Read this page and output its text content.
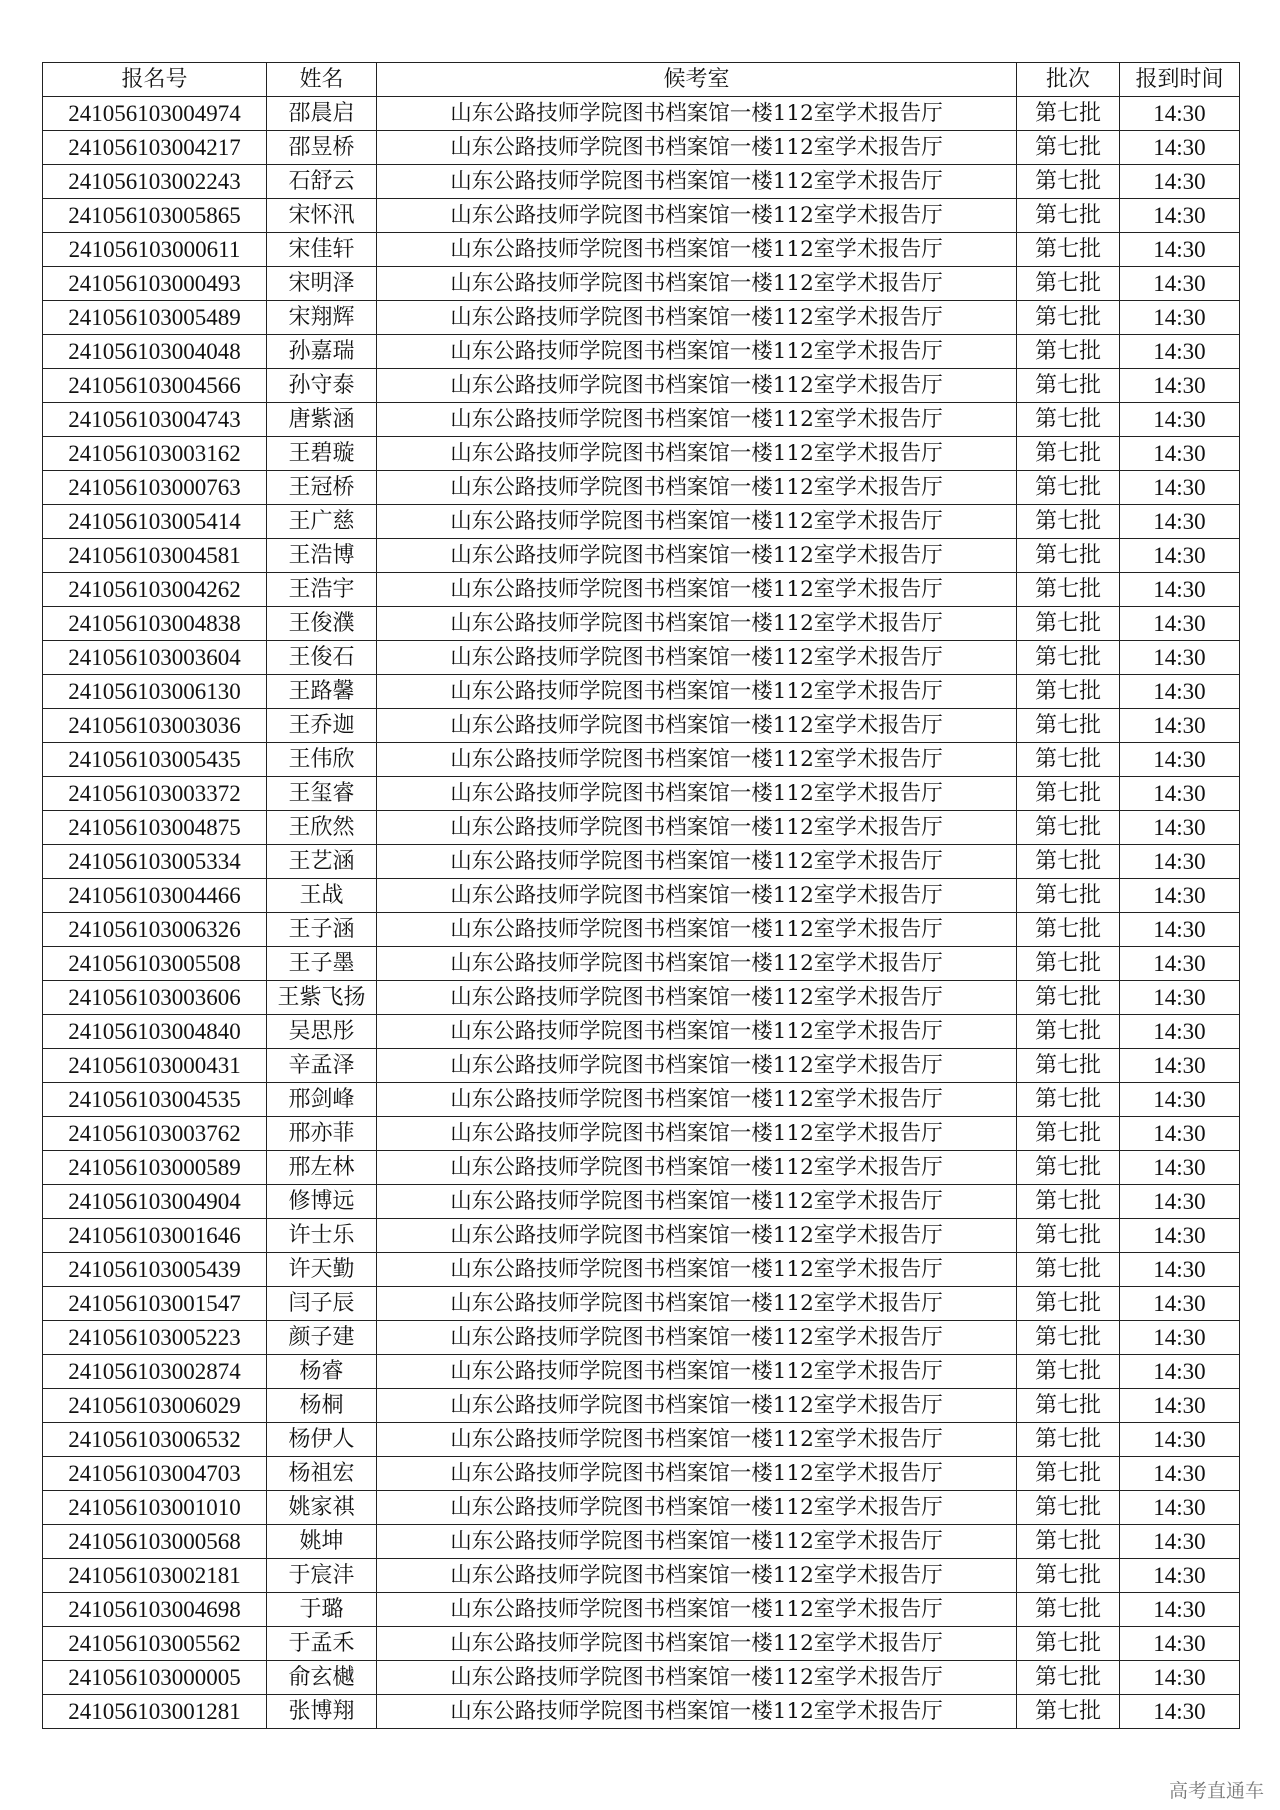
报名号	姓名	候考室	批次	报到时间
241056103004974	邵晨启	山东公路技师学院图书档案馆一楼112室学术报告厅	第七批	14:30
241056103004217	邵昱桥	山东公路技师学院图书档案馆一楼112室学术报告厅	第七批	14:30
241056103002243	石舒云	山东公路技师学院图书档案馆一楼112室学术报告厅	第七批	14:30
241056103005865	宋怀汛	山东公路技师学院图书档案馆一楼112室学术报告厅	第七批	14:30
241056103000611	宋佳轩	山东公路技师学院图书档案馆一楼112室学术报告厅	第七批	14:30
241056103000493	宋明泽	山东公路技师学院图书档案馆一楼112室学术报告厅	第七批	14:30
241056103005489	宋翔辉	山东公路技师学院图书档案馆一楼112室学术报告厅	第七批	14:30
241056103004048	孙嘉瑞	山东公路技师学院图书档案馆一楼112室学术报告厅	第七批	14:30
241056103004566	孙守泰	山东公路技师学院图书档案馆一楼112室学术报告厅	第七批	14:30
241056103004743	唐紫涵	山东公路技师学院图书档案馆一楼112室学术报告厅	第七批	14:30
241056103003162	王碧璇	山东公路技师学院图书档案馆一楼112室学术报告厅	第七批	14:30
241056103000763	王冠桥	山东公路技师学院图书档案馆一楼112室学术报告厅	第七批	14:30
241056103005414	王广慈	山东公路技师学院图书档案馆一楼112室学术报告厅	第七批	14:30
241056103004581	王浩博	山东公路技师学院图书档案馆一楼112室学术报告厅	第七批	14:30
241056103004262	王浩宇	山东公路技师学院图书档案馆一楼112室学术报告厅	第七批	14:30
241056103004838	王俊濮	山东公路技师学院图书档案馆一楼112室学术报告厅	第七批	14:30
241056103003604	王俊石	山东公路技师学院图书档案馆一楼112室学术报告厅	第七批	14:30
241056103006130	王路馨	山东公路技师学院图书档案馆一楼112室学术报告厅	第七批	14:30
241056103003036	王乔迦	山东公路技师学院图书档案馆一楼112室学术报告厅	第七批	14:30
241056103005435	王伟欣	山东公路技师学院图书档案馆一楼112室学术报告厅	第七批	14:30
241056103003372	王玺睿	山东公路技师学院图书档案馆一楼112室学术报告厅	第七批	14:30
241056103004875	王欣然	山东公路技师学院图书档案馆一楼112室学术报告厅	第七批	14:30
241056103005334	王艺涵	山东公路技师学院图书档案馆一楼112室学术报告厅	第七批	14:30
241056103004466	王战	山东公路技师学院图书档案馆一楼112室学术报告厅	第七批	14:30
241056103006326	王子涵	山东公路技师学院图书档案馆一楼112室学术报告厅	第七批	14:30
241056103005508	王子墨	山东公路技师学院图书档案馆一楼112室学术报告厅	第七批	14:30
241056103003606	王紫飞扬	山东公路技师学院图书档案馆一楼112室学术报告厅	第七批	14:30
241056103004840	吴思彤	山东公路技师学院图书档案馆一楼112室学术报告厅	第七批	14:30
241056103000431	辛孟泽	山东公路技师学院图书档案馆一楼112室学术报告厅	第七批	14:30
241056103004535	邢剑峰	山东公路技师学院图书档案馆一楼112室学术报告厅	第七批	14:30
241056103003762	邢亦菲	山东公路技师学院图书档案馆一楼112室学术报告厅	第七批	14:30
241056103000589	邢左林	山东公路技师学院图书档案馆一楼112室学术报告厅	第七批	14:30
241056103004904	修博远	山东公路技师学院图书档案馆一楼112室学术报告厅	第七批	14:30
241056103001646	许士乐	山东公路技师学院图书档案馆一楼112室学术报告厅	第七批	14:30
241056103005439	许天勤	山东公路技师学院图书档案馆一楼112室学术报告厅	第七批	14:30
241056103001547	闫子辰	山东公路技师学院图书档案馆一楼112室学术报告厅	第七批	14:30
241056103005223	颜子建	山东公路技师学院图书档案馆一楼112室学术报告厅	第七批	14:30
241056103002874	杨睿	山东公路技师学院图书档案馆一楼112室学术报告厅	第七批	14:30
241056103006029	杨桐	山东公路技师学院图书档案馆一楼112室学术报告厅	第七批	14:30
241056103006532	杨伊人	山东公路技师学院图书档案馆一楼112室学术报告厅	第七批	14:30
241056103004703	杨祖宏	山东公路技师学院图书档案馆一楼112室学术报告厅	第七批	14:30
241056103001010	姚家祺	山东公路技师学院图书档案馆一楼112室学术报告厅	第七批	14:30
241056103000568	姚坤	山东公路技师学院图书档案馆一楼112室学术报告厅	第七批	14:30
241056103002181	于宸沣	山东公路技师学院图书档案馆一楼112室学术报告厅	第七批	14:30
241056103004698	于璐	山东公路技师学院图书档案馆一楼112室学术报告厅	第七批	14:30
241056103005562	于孟禾	山东公路技师学院图书档案馆一楼112室学术报告厅	第七批	14:30
241056103000005	俞玄樾	山东公路技师学院图书档案馆一楼112室学术报告厅	第七批	14:30
241056103001281	张博翔	山东公路技师学院图书档案馆一楼112室学术报告厅	第七批	14:30
高考直通车
